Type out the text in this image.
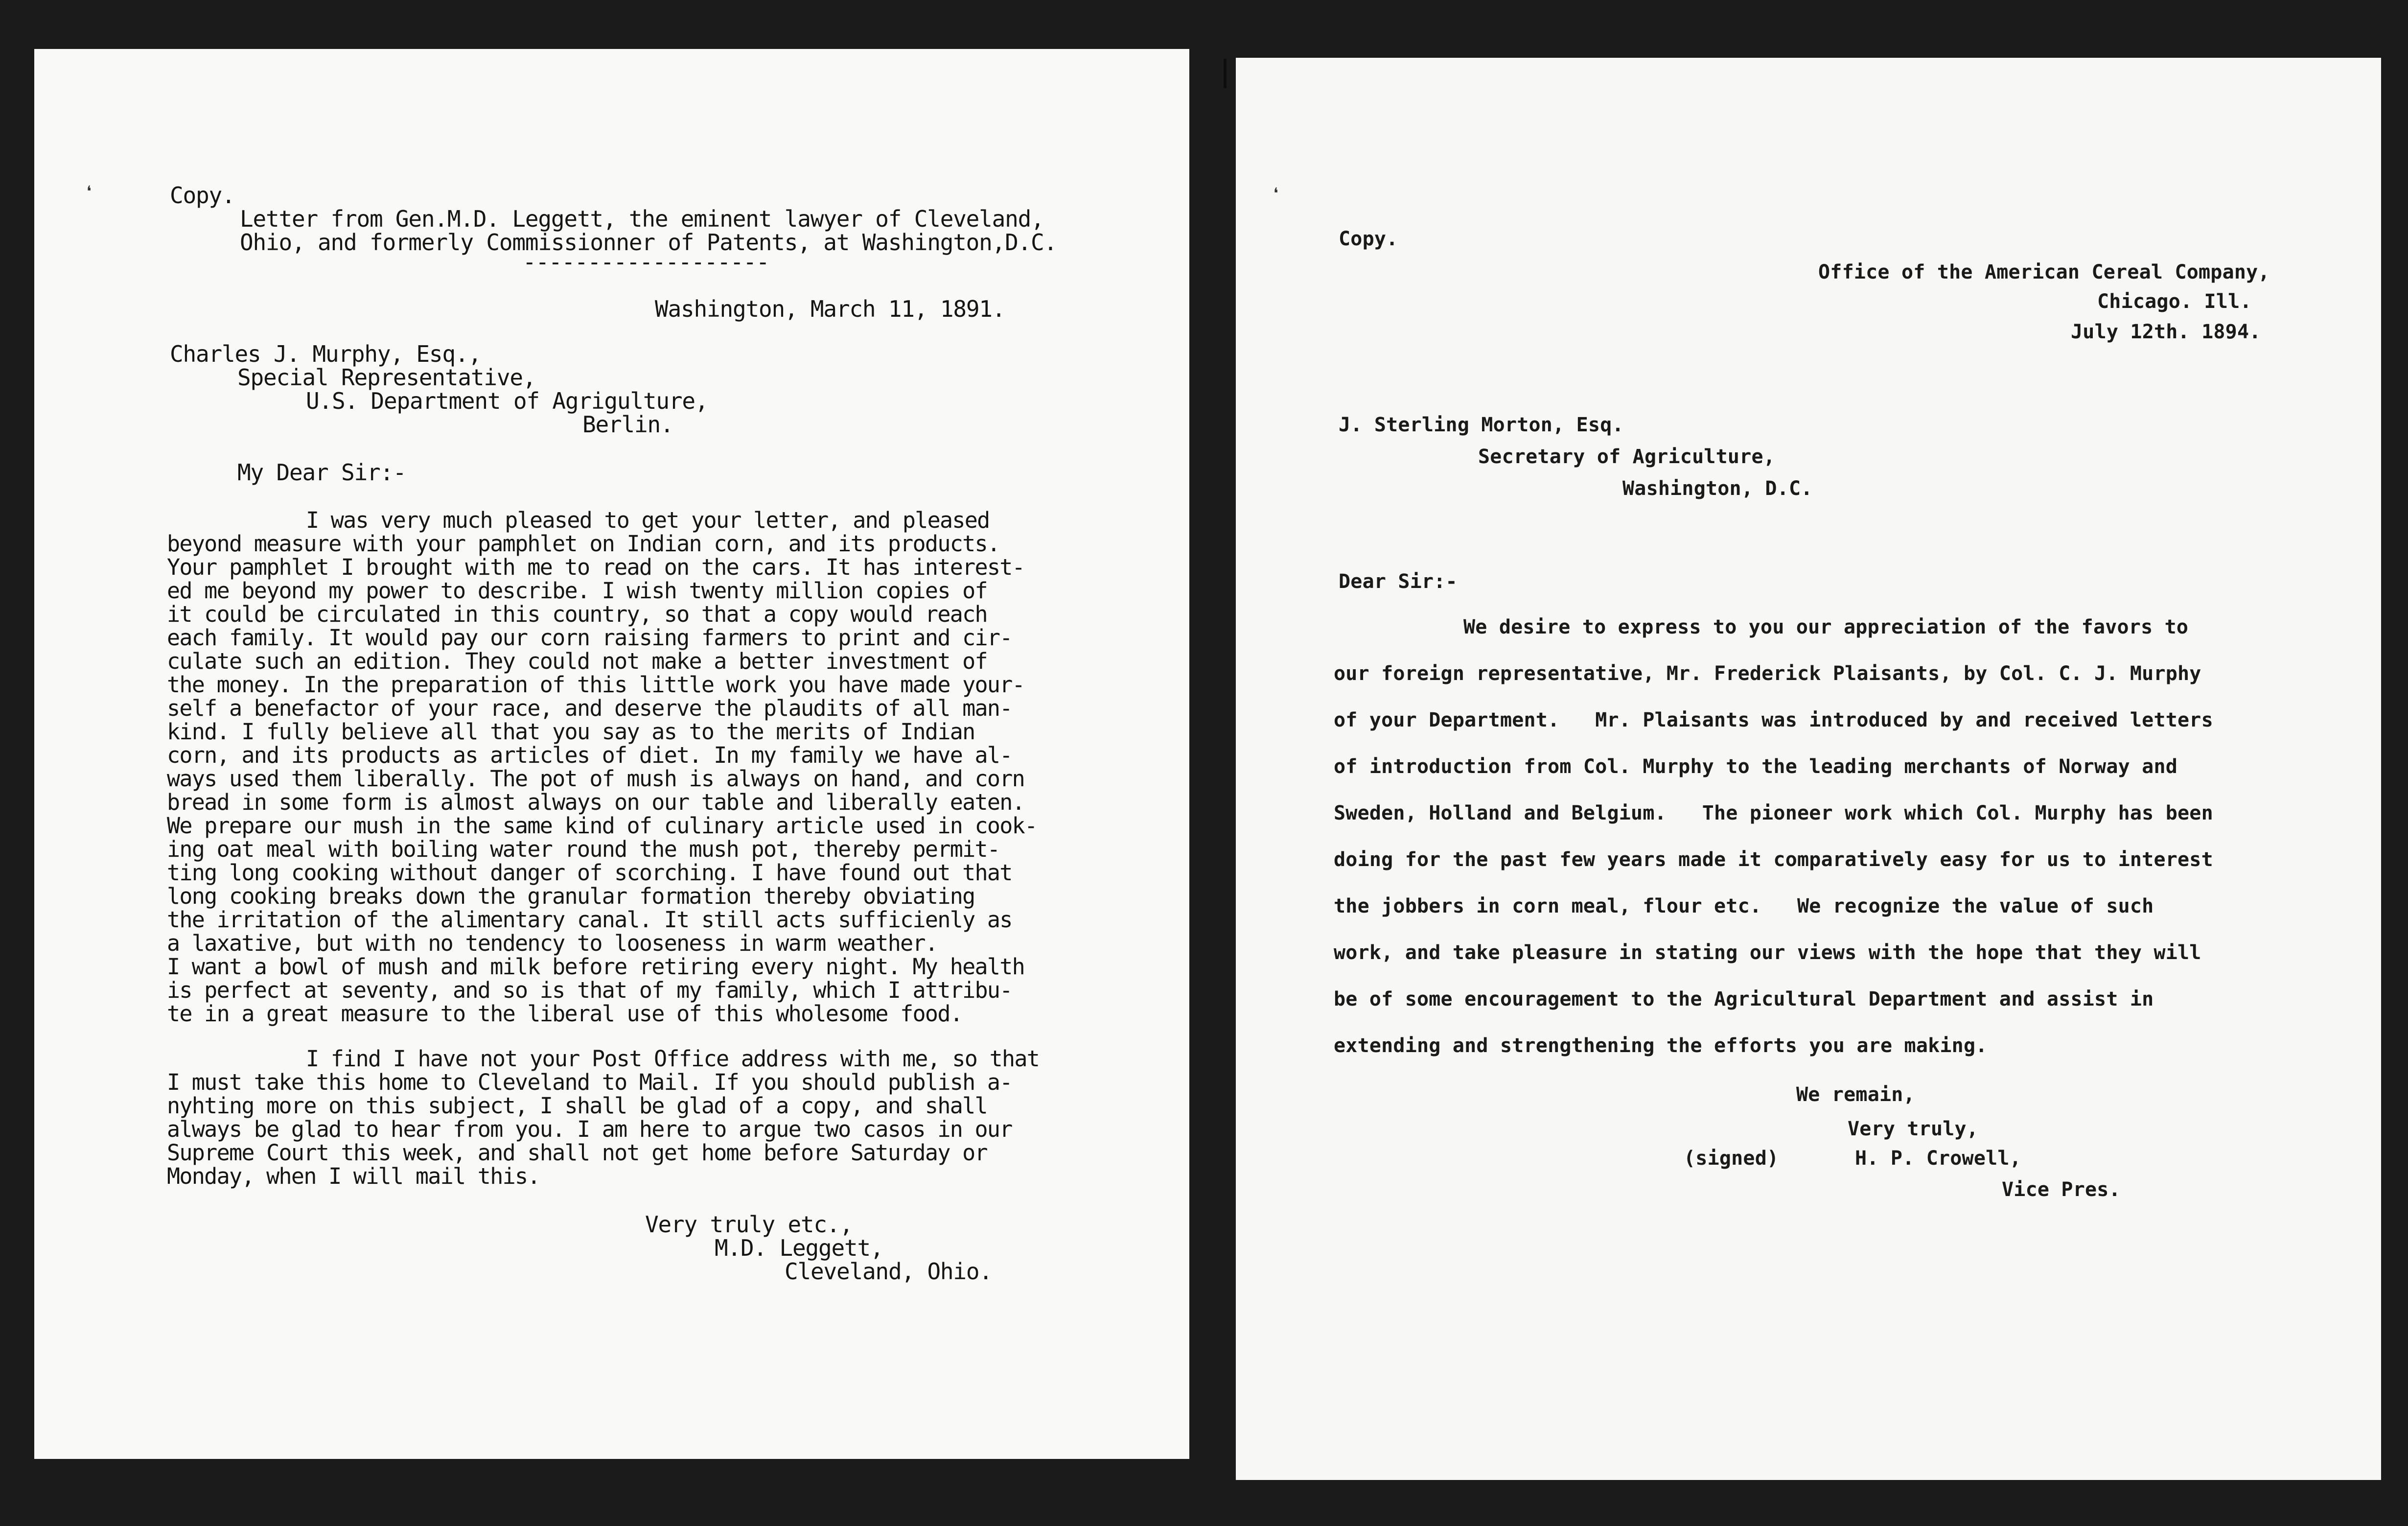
❛	Copy.
Letter from Gen.M.D. Leggett, the eminent lawyer of Cleveland,
Ohio, and formerly Commissionner of Patents, at Washington,D.C.
-------------------
Washington, March 11, 1891.
Charles J. Murphy, Esq.,
Special Representative,
U.S. Department of Agrigulture,
Berlin.
My Dear Sir:-
I was very much pleased to get your letter, and pleased
beyond measure with your pamphlet on Indian corn, and its products.
Your pamphlet I brought with me to read on the cars. It has interest-
ed me beyond my power to describe. I wish twenty million copies of
it could be circulated in this country, so that a copy would reach
each family. It would pay our corn raising farmers to print and cir-
culate such an edition. They could not make a better investment of
the money. In the preparation of this little work you have made your-
self a benefactor of your race, and deserve the plaudits of all man-
kind. I fully believe all that you say as to the merits of Indian
corn, and its products as articles of diet. In my family we have al-
ways used them liberally. The pot of mush is always on hand, and corn
bread in some form is almost always on our table and liberally eaten.
We prepare our mush in the same kind of culinary article used in cook-
ing oat meal with boiling water round the mush pot, thereby permit-
ting long cooking without danger of scorching. I have found out that
long cooking breaks down the granular formation thereby obviating
the irritation of the alimentary canal. It still acts sufficienly as
a laxative, but with no tendency to looseness in warm weather.
I want a bowl of mush and milk before retiring every night. My health
is perfect at seventy, and so is that of my family, which I attribu-
te in a great measure to the liberal use of this wholesome food.
I find I have not your Post Office address with me, so that
I must take this home to Cleveland to Mail. If you should publish a-
nyhting more on this subject, I shall be glad of a copy, and shall
always be glad to hear from you. I am here to argue two casos in our
Supreme Court this week, and shall not get home before Saturday or
Monday, when I will mail this.
Very truly etc.,
M.D. Leggett,
Cleveland, Ohio.
❛
Copy.
Office of the American Cereal Company,
Chicago. Ill.
July 12th. 1894.
J. Sterling Morton, Esq.
Secretary of Agriculture,
Washington, D.C.
Dear Sir:-
We desire to express to you our appreciation of the favors to
our foreign representative, Mr. Frederick Plaisants, by Col. C. J. Murphy
of your Department.   Mr. Plaisants was introduced by and received letters
of introduction from Col. Murphy to the leading merchants of Norway and
Sweden, Holland and Belgium.   The pioneer work which Col. Murphy has been
doing for the past few years made it comparatively easy for us to interest
the jobbers in corn meal, flour etc.   We recognize the value of such
work, and take pleasure in stating our views with the hope that they will
be of some encouragement to the Agricultural Department and assist in
extending and strengthening the efforts you are making.
We remain,
Very truly,
(signed)	H. P. Crowell,
Vice Pres.
